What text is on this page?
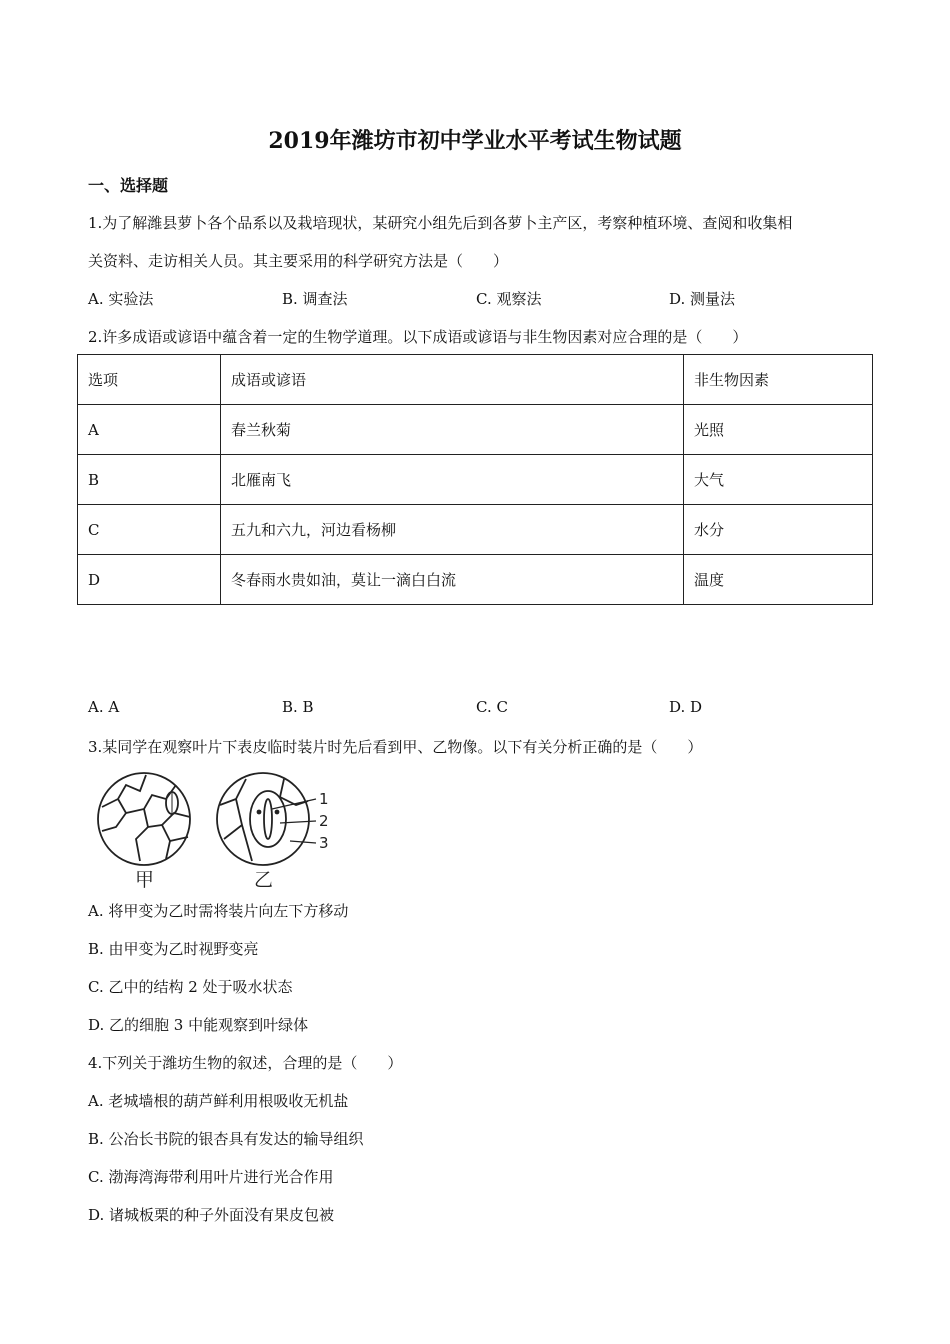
2019年潍坊市初中学业水平考试生物试题
一、选择题
1.为了解潍县萝卜各个品系以及栽培现状，某研究小组先后到各萝卜主产区，考察种植环境、查阅和收集相
关资料、走访相关人员。其主要采用的科学研究方法是（　　）
A. 实验法	B. 调查法	C. 观察法	D. 测量法
2.许多成语或谚语中蕴含着一定的生物学道理。以下成语或谚语与非生物因素对应合理的是（　　）
选项	成语或谚语	非生物因素
A	春兰秋菊	光照
B	北雁南飞	大气
C	五九和六九，河边看杨柳	水分
D	冬春雨水贵如油，莫让一滴白白流	温度
A. A	B. B	C. C	D. D
3.某同学在观察叶片下表皮临时装片时先后看到甲、乙物像。以下有关分析正确的是（　　）
1
2
3
甲	乙
A. 将甲变为乙时需将装片向左下方移动
B. 由甲变为乙时视野变亮
C. 乙中的结构 2 处于吸水状态
D. 乙的细胞 3 中能观察到叶绿体
4.下列关于潍坊生物的叙述，合理的是（　　）
A. 老城墙根的葫芦鲜利用根吸收无机盐
B. 公冶长书院的银杏具有发达的输导组织
C. 渤海湾海带利用叶片进行光合作用
D. 诸城板栗的种子外面没有果皮包被
